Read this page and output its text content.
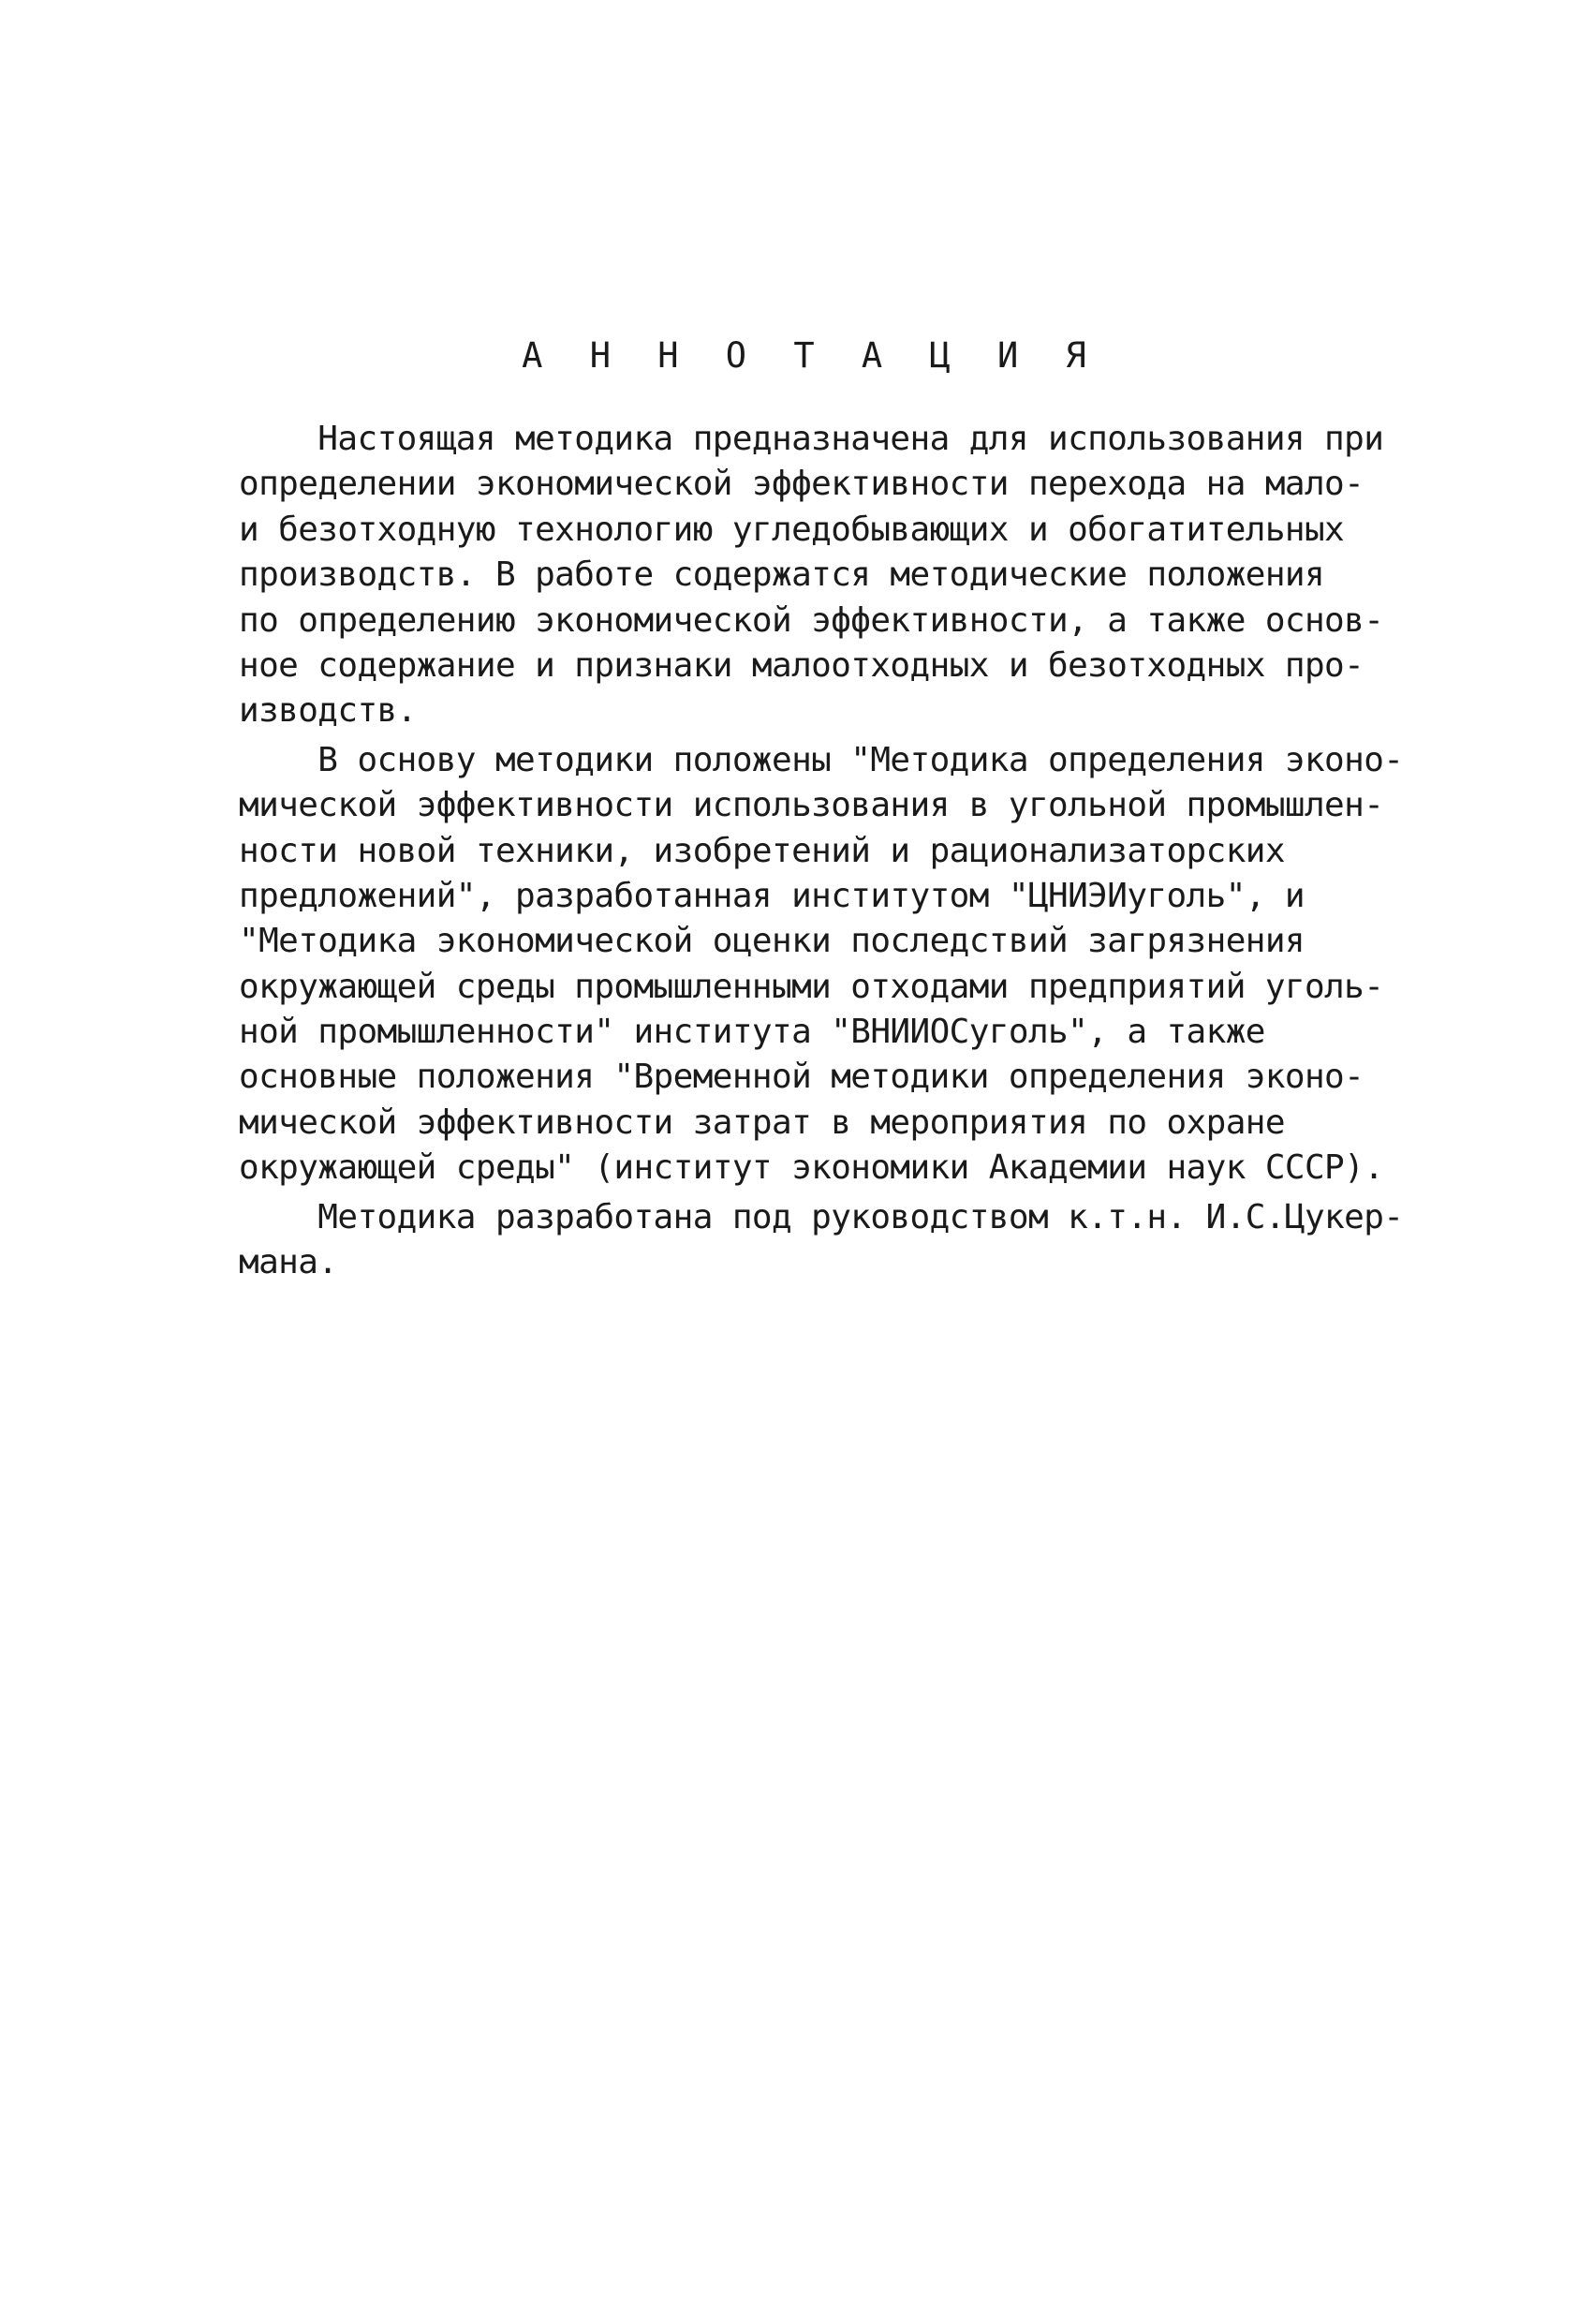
А Н Н О Т А Ц И Я
Настоящая методика предназначена для использования при
определении экономической эффективности перехода на мало-
и безотходную технологию угледобывающих и обогатительных
производств. В работе содержатся методические положения
по определению экономической эффективности, а также основ-
ное содержание и признаки малоотходных и безотходных про-
изводств.
В основу методики положены "Методика определения эконо-
мической эффективности использования в угольной промышлен-
ности новой техники, изобретений и рационализаторских
предложений", разработанная институтом "ЦНИЭИуголь", и
"Методика экономической оценки последствий загрязнения
окружающей среды промышленными отходами предприятий уголь-
ной промышленности" института "ВНИИОСуголь", а также
основные положения "Временной методики определения эконо-
мической эффективности затрат в мероприятия по охране
окружающей среды" (институт экономики Академии наук СССР).
Методика разработана под руководством к.т.н. И.С.Цукер-
мана.
